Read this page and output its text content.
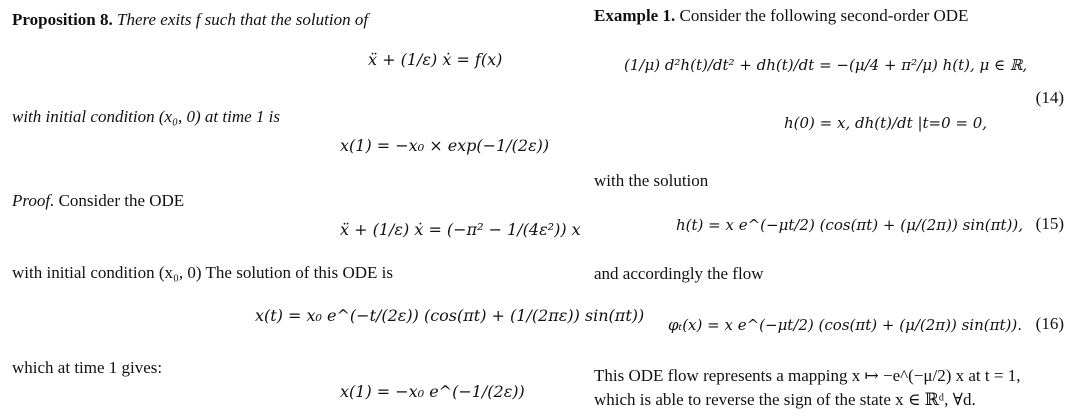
Proposition 8. There exits f such that the solution of
ẍ + (1/ε) ẋ = f(x)
with initial condition (x₀, 0) at time 1 is
x(1) = −x₀ × exp(−1/(2ε))
Proof. Consider the ODE
ẍ + (1/ε) ẋ = (−π² − 1/(4ε²)) x
with initial condition (x₀, 0) The solution of this ODE is
x(t) = x₀ e^(−t/(2ε)) (cos(πt) + (1/(2πε)) sin(πt))
which at time 1 gives:
x(1) = −x₀ e^(−1/(2ε))
Example 1. Consider the following second-order ODE
(1/μ) d²h(t)/dt² + dh(t)/dt = −(μ/4 + π²/μ) h(t), μ ∈ ℝ,
(14)
h(0) = x, dh(t)/dt |t=0 = 0,
with the solution
h(t) = x e^(−μt/2) (cos(πt) + (μ/(2π)) sin(πt)), (15)
and accordingly the flow
φₜ(x) = x e^(−μt/2) (cos(πt) + (μ/(2π)) sin(πt)). (16)
This ODE flow represents a mapping x ↦ −e^(−μ/2) x at t = 1,
which is able to reverse the sign of the state x ∈ ℝᵈ, ∀d.
